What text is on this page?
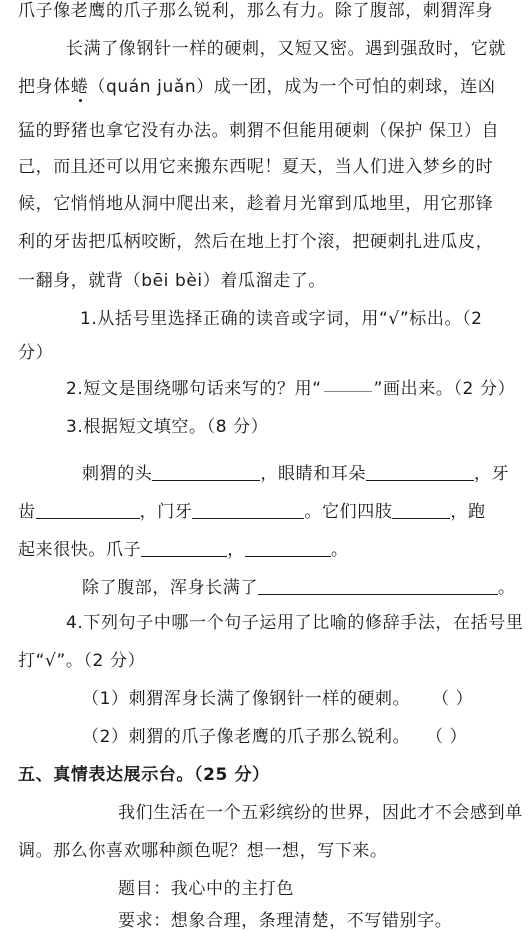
爪子像老鹰的爪子那么锐利，那么有力。除了腹部，刺猬浑身
长满了像钢针一样的硬刺，又短又密。遇到强敌时，它就
把身体蜷（quán juǎn）成一团，成为一个可怕的刺球，连凶
猛的野猪也拿它没有办法。刺猬不但能用硬刺（保护 保卫）自
己，而且还可以用它来搬东西呢！夏天，当人们进入梦乡的时
候，它悄悄地从洞中爬出来，趁着月光窜到瓜地里，用它那锋
利的牙齿把瓜柄咬断，然后在地上打个滚，把硬刺扎进瓜皮，
一翻身，就背（bēi bèi）着瓜溜走了。
1.从括号里选择正确的读音或字词，用“√”标出。（2
分）
2.短文是围绕哪句话来写的？用“	”画出来。（2 分）
3.根据短文填空。（8 分）
刺猬的头	，眼睛和耳朵	，牙
齿	，门牙	。它们四肢	，跑
起来很快。爪子	，	。
除了腹部，浑身长满了	。
4.下列句子中哪一个句子运用了比喻的修辞手法，在括号里
打“√”。（2 分）
（1）刺猬浑身长满了像钢针一样的硬刺。 （ ）
（2）刺猬的爪子像老鹰的爪子那么锐利。 （ ）
五、真情表达展示台。（25 分）
我们生活在一个五彩缤纷的世界，因此才不会感到单
调。那么你喜欢哪种颜色呢？想一想，写下来。
题目：我心中的主打色
要求：想象合理，条理清楚，不写错别字。
